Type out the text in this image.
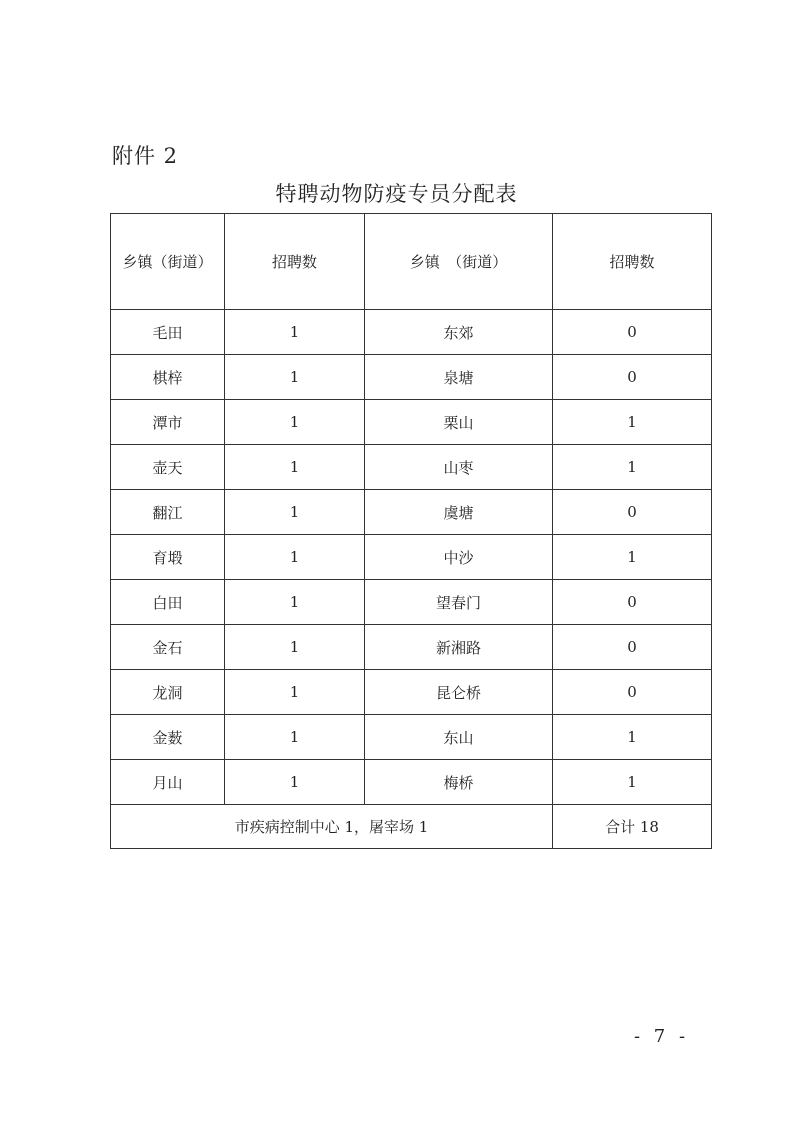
附件 2
特聘动物防疫专员分配表
乡镇（街道）	招聘数	乡镇　（街道）	招聘数
毛田	1	东郊	0
棋梓	1	泉塘	0
潭市	1	栗山	1
壶天	1	山枣	1
翻江	1	虞塘	0
育塅	1	中沙	1
白田	1	望春门	0
金石	1	新湘路	0
龙洞	1	昆仑桥	0
金薮	1	东山	1
月山	1	梅桥	1
市疾病控制中心 1，屠宰场 1			合计 18
- 7 -
